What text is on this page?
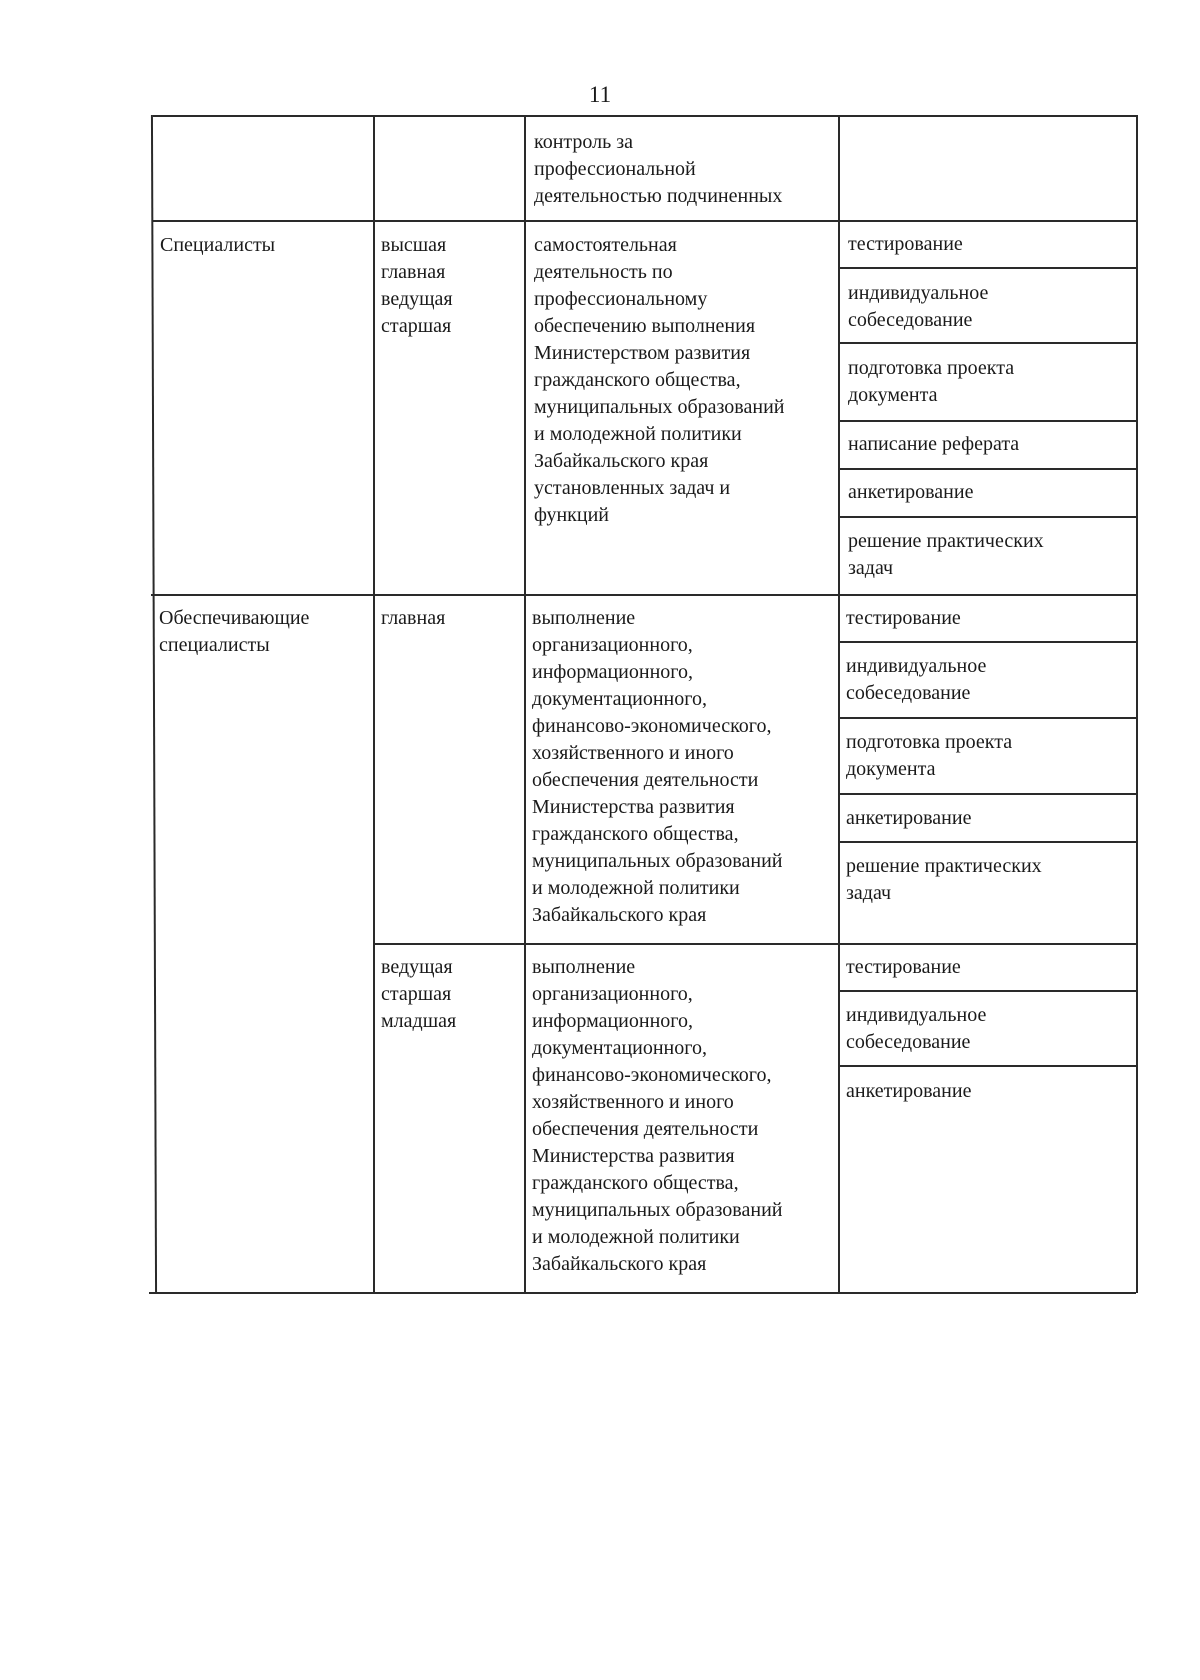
11
контроль за
профессиональной
деятельностью подчиненных
Специалисты	высшая
главная
ведущая
старшая
самостоятельная
деятельность по
профессиональному
обеспечению выполнения
Министерством развития
гражданского общества,
муниципальных образований
и молодежной политики
Забайкальского края
установленных задач и
функций
тестирование
индивидуальное
собеседование
подготовка проекта
документа
написание реферата
анкетирование
решение практических
задач
Обеспечивающие
специалисты
главная	выполнение
организационного,
информационного,
документационного,
финансово-экономического,
хозяйственного и иного
обеспечения деятельности
Министерства развития
гражданского общества,
муниципальных образований
и молодежной политики
Забайкальского края
тестирование
индивидуальное
собеседование
подготовка проекта
документа
анкетирование
решение практических
задач
ведущая
старшая
младшая
выполнение
организационного,
информационного,
документационного,
финансово-экономического,
хозяйственного и иного
обеспечения деятельности
Министерства развития
гражданского общества,
муниципальных образований
и молодежной политики
Забайкальского края
тестирование
индивидуальное
собеседование
анкетирование
